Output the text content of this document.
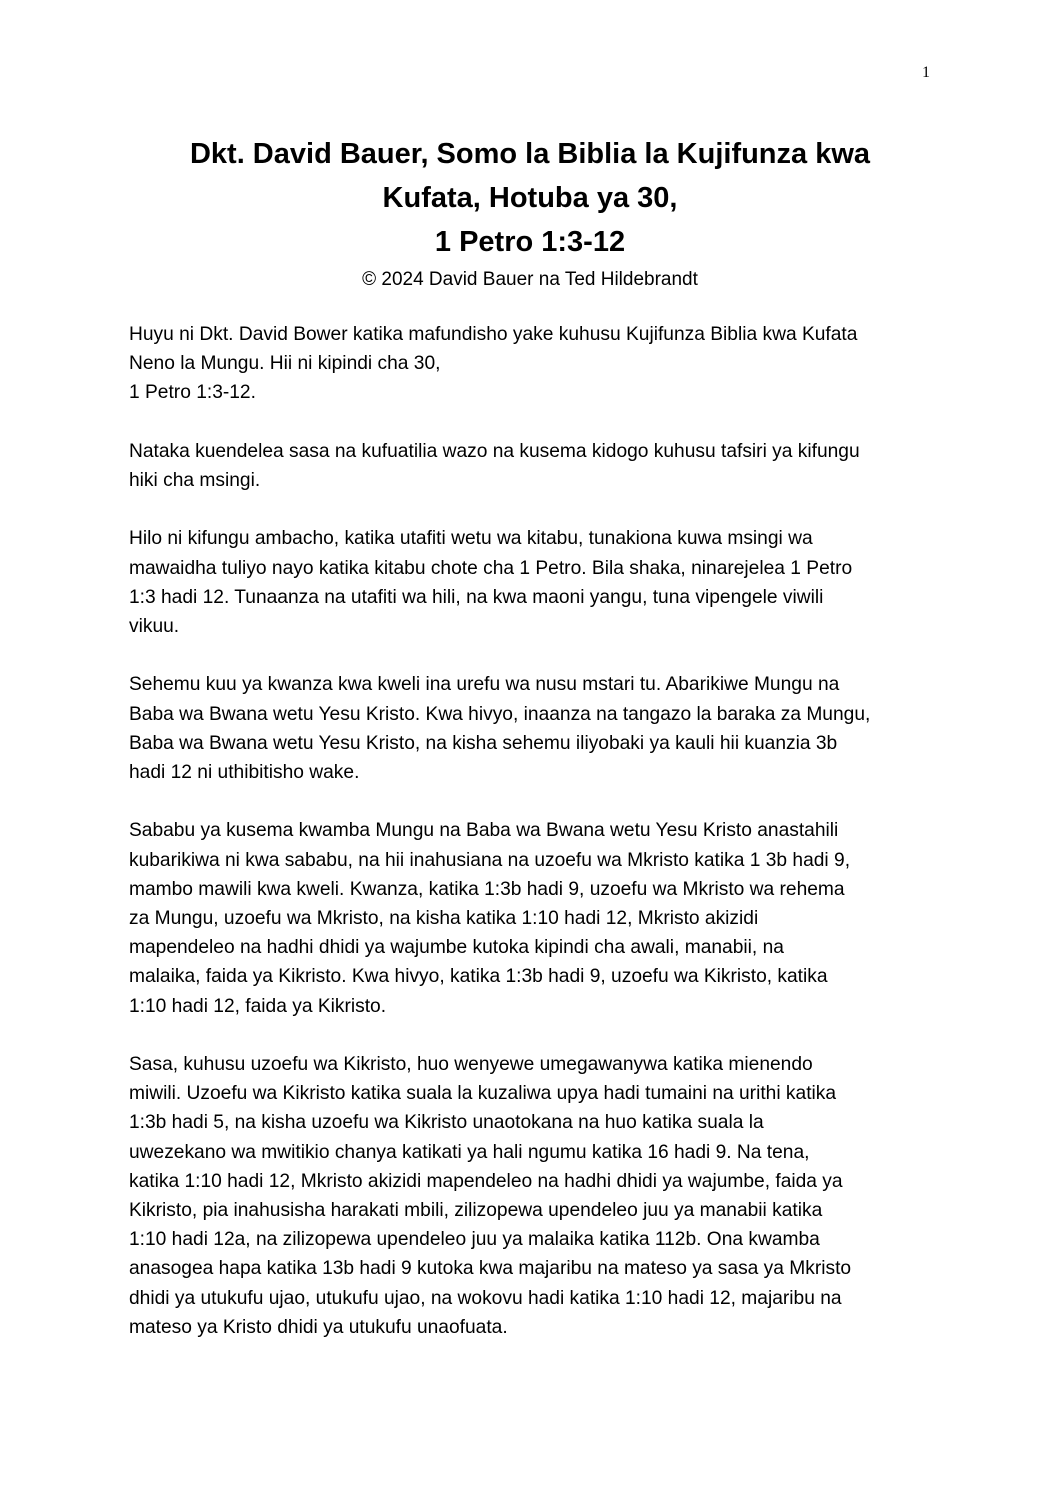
1
Dkt. David Bauer, Somo la Biblia la Kujifunza kwa
Kufata, Hotuba ya 30,
1 Petro 1:3-12
© 2024 David Bauer na Ted Hildebrandt

Huyu ni Dkt. David Bower katika mafundisho yake kuhusu Kujifunza Biblia kwa Kufata
Neno la Mungu. Hii ni kipindi cha 30,
1 Petro 1:3-12.

Nataka kuendelea sasa na kufuatilia wazo na kusema kidogo kuhusu tafsiri ya kifungu
hiki cha msingi.

Hilo ni kifungu ambacho, katika utafiti wetu wa kitabu, tunakiona kuwa msingi wa
mawaidha tuliyo nayo katika kitabu chote cha 1 Petro. Bila shaka, ninarejelea 1 Petro
1:3 hadi 12. Tunaanza na utafiti wa hili, na kwa maoni yangu, tuna vipengele viwili
vikuu.

Sehemu kuu ya kwanza kwa kweli ina urefu wa nusu mstari tu. Abarikiwe Mungu na
Baba wa Bwana wetu Yesu Kristo. Kwa hivyo, inaanza na tangazo la baraka za Mungu,
Baba wa Bwana wetu Yesu Kristo, na kisha sehemu iliyobaki ya kauli hii kuanzia 3b
hadi 12 ni uthibitisho wake.

Sababu ya kusema kwamba Mungu na Baba wa Bwana wetu Yesu Kristo anastahili
kubarikiwa ni kwa sababu, na hii inahusiana na uzoefu wa Mkristo katika 1 3b hadi 9,
mambo mawili kwa kweli. Kwanza, katika 1:3b hadi 9, uzoefu wa Mkristo wa rehema
za Mungu, uzoefu wa Mkristo, na kisha katika 1:10 hadi 12, Mkristo akizidi
mapendeleo na hadhi dhidi ya wajumbe kutoka kipindi cha awali, manabii, na
malaika, faida ya Kikristo. Kwa hivyo, katika 1:3b hadi 9, uzoefu wa Kikristo, katika
1:10 hadi 12, faida ya Kikristo.

Sasa, kuhusu uzoefu wa Kikristo, huo wenyewe umegawanywa katika mienendo
miwili. Uzoefu wa Kikristo katika suala la kuzaliwa upya hadi tumaini na urithi katika
1:3b hadi 5, na kisha uzoefu wa Kikristo unaotokana na huo katika suala la
uwezekano wa mwitikio chanya katikati ya hali ngumu katika 16 hadi 9. Na tena,
katika 1:10 hadi 12, Mkristo akizidi mapendeleo na hadhi dhidi ya wajumbe, faida ya
Kikristo, pia inahusisha harakati mbili, zilizopewa upendeleo juu ya manabii katika
1:10 hadi 12a, na zilizopewa upendeleo juu ya malaika katika 112b. Ona kwamba
anasogea hapa katika 13b hadi 9 kutoka kwa majaribu na mateso ya sasa ya Mkristo
dhidi ya utukufu ujao, utukufu ujao, na wokovu hadi katika 1:10 hadi 12, majaribu na
mateso ya Kristo dhidi ya utukufu unaofuata.
